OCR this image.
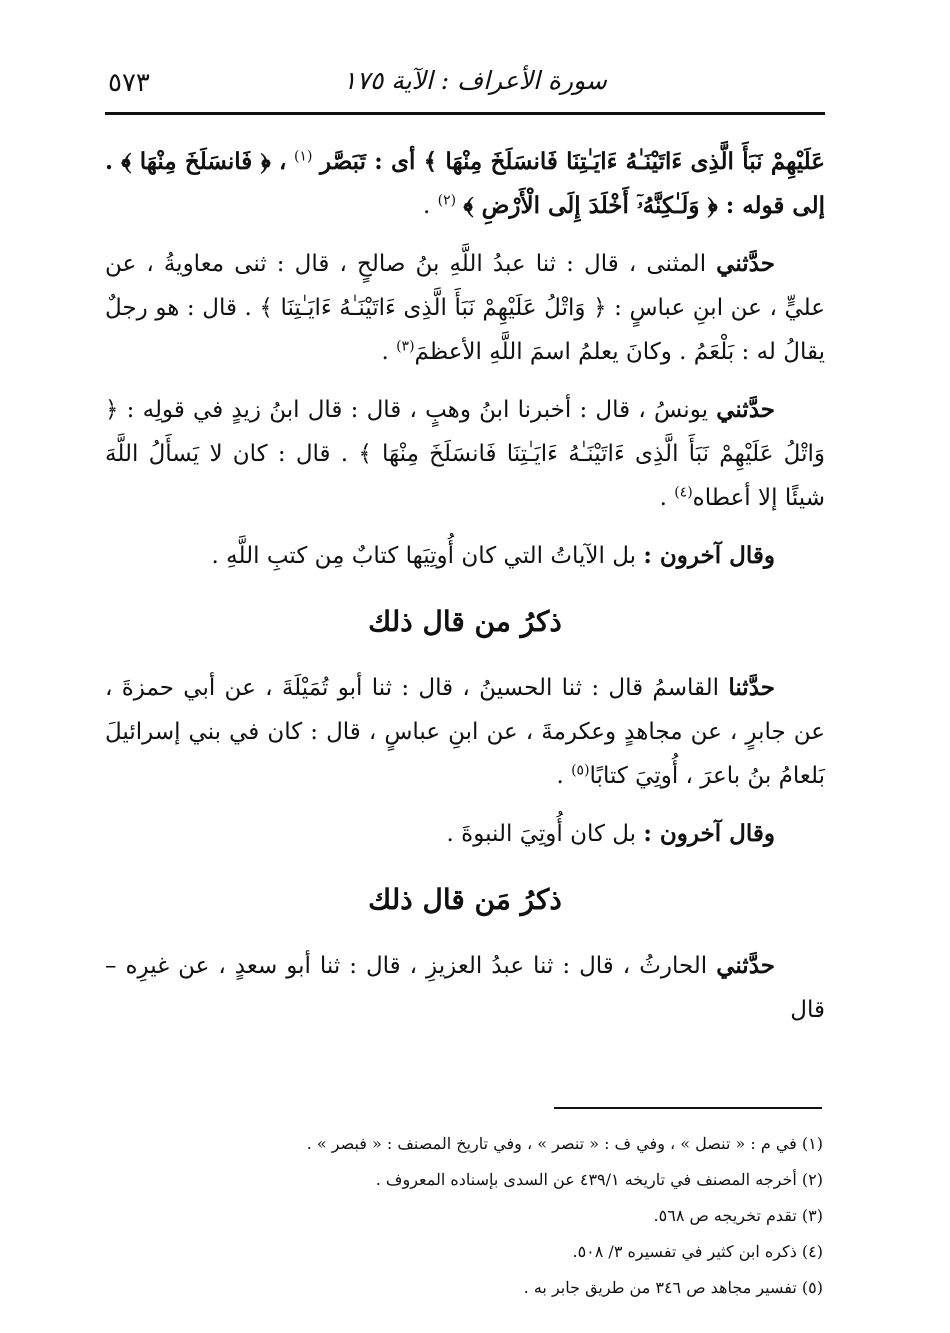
٥٧٣	سورة الأعراف : الآية ١٧٥

عَلَيْهِمْ نَبَأَ الَّذِى ءَاتَيْنَـٰهُ ءَايَـٰتِنَا فَانسَلَخَ مِنْهَا ﴾ أى : تَبَصَّر $^{(١)}$ ، ﴿ فَانسَلَخَ مِنْهَا ﴾ . إلى قوله : ﴿ وَلَـٰكِنَّهُۥٓ أَخْلَدَ إِلَى الْأَرْضِ ﴾ $^{(٢)}$ .

حدَّثني المثنى ، قال : ثنا عبدُ اللَّهِ بنُ صالحٍ ، قال : ثنى معاويةُ ، عن عليٍّ ، عن ابنِ عباسٍ : ﴿ وَاتْلُ عَلَيْهِمْ نَبَأَ الَّذِى ءَاتَيْنَـٰهُ ءَايَـٰتِنَا ﴾ . قال : هو رجلٌ يقالُ له : بَلْعَمُ . وكانَ يعلمُ اسمَ اللَّهِ الأعظمَ$^{(٣)}$ .

حدَّثني يونسُ ، قال : أخبرنا ابنُ وهبٍ ، قال : قال ابنُ زيدٍ في قولِه : ﴿ وَاتْلُ عَلَيْهِمْ نَبَأَ الَّذِى ءَاتَيْنَـٰهُ ءَايَـٰتِنَا فَانسَلَخَ مِنْهَا ﴾ . قال : كان لا يَسأَلُ اللَّهَ شيئًا إلا أعطاه$^{(٤)}$ .

وقال آخرون : بل الآياتُ التي كان أُوتِيَها كتابٌ مِن كتبِ اللَّهِ .

ذكرُ من قال ذلك

حدَّثنا القاسمُ قال : ثنا الحسينُ ، قال : ثنا أبو تُمَيْلَةَ ، عن أبي حمزةَ ، عن جابرٍ ، عن مجاهدٍ وعكرمةَ ، عن ابنِ عباسٍ ، قال : كان في بني إسرائيلَ بَلعامُ بنُ باعرَ ، أُوتِيَ كتابًا$^{(٥)}$ .

وقال آخرون : بل كان أُوتِيَ النبوةَ .

ذكرُ مَن قال ذلك

حدَّثني الحارثُ ، قال : ثنا عبدُ العزيزِ ، قال : ثنا أبو سعدٍ ، عن غيرِه – قال

(١) في م : « تنصل » ، وفي ف : « تنصر » ، وفي تاريخ المصنف : « فبصر » .

(٢) أخرجه المصنف في تاريخه ٤٣٩/١ عن السدى بإسناده المعروف .

(٣) تقدم تخريجه ص ٥٦٨.

(٤) ذكره ابن كثير في تفسيره ٣/ ٥٠٨.

(٥) تفسير مجاهد ص ٣٤٦ من طريق جابر به .
